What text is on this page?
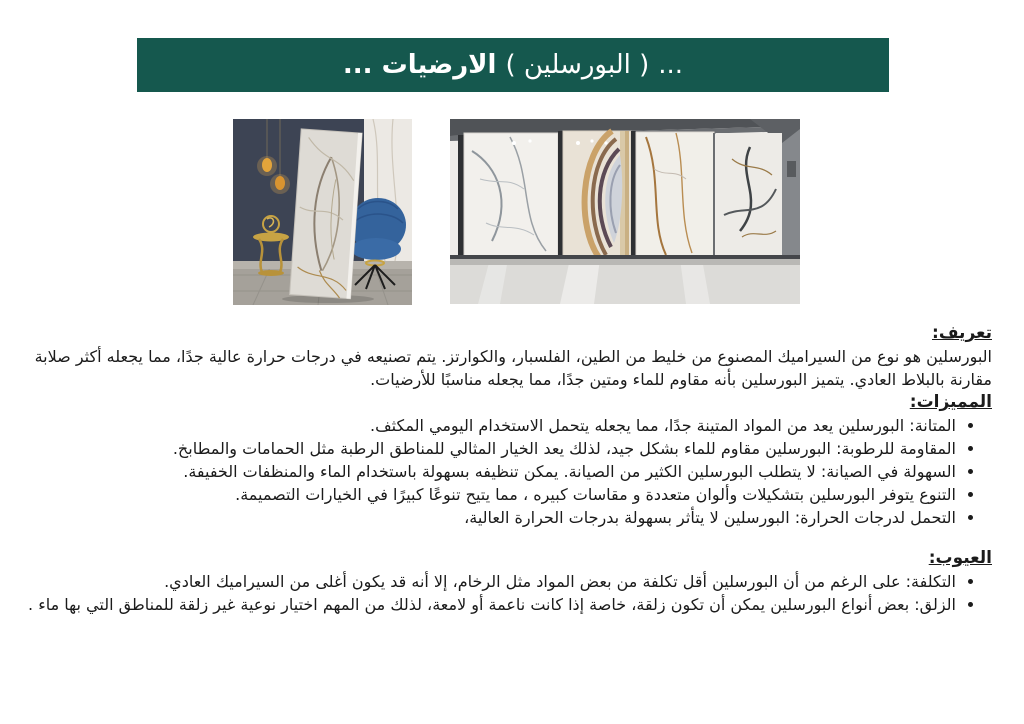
... الارضيات ( البورسلين ) ...
تعريف:

البورسلين هو نوع من السيراميك المصنوع من خليط من الطين، الفلسبار، والكوارتز. يتم تصنيعه في درجات حرارة عالية جدًا، مما يجعله أكثر صلابة مقارنة بالبلاط العادي. يتميز البورسلين بأنه مقاوم للماء ومتين جدًا، مما يجعله مناسبًا للأرضيات.

المميزات:
• المتانة: البورسلين يعد من المواد المتينة جدًا، مما يجعله يتحمل الاستخدام اليومي المكثف.
• المقاومة للرطوبة: البورسلين مقاوم للماء بشكل جيد، لذلك يعد الخيار المثالي للمناطق الرطبة مثل الحمامات والمطابخ.
• السهولة في الصيانة: لا يتطلب البورسلين الكثير من الصيانة. يمكن تنظيفه بسهولة باستخدام الماء والمنظفات الخفيفة.
• التنوع يتوفر البورسلين بتشكيلات وألوان متعددة و مقاسات كبيره ، مما يتيح تنوعًا كبيرًا في الخيارات التصميمة.
• التحمل لدرجات الحرارة: البورسلين لا يتأثر بسهولة بدرجات الحرارة العالية،
العيوب:
• التكلفة: على الرغم من أن البورسلين أقل تكلفة من بعض المواد مثل الرخام، إلا أنه قد يكون أغلى من السيراميك العادي.
• الزلق: بعض أنواع البورسلين يمكن أن تكون زلقة، خاصة إذا كانت ناعمة أو لامعة، لذلك من المهم اختيار نوعية غير زلقة للمناطق التي بها ماء .
